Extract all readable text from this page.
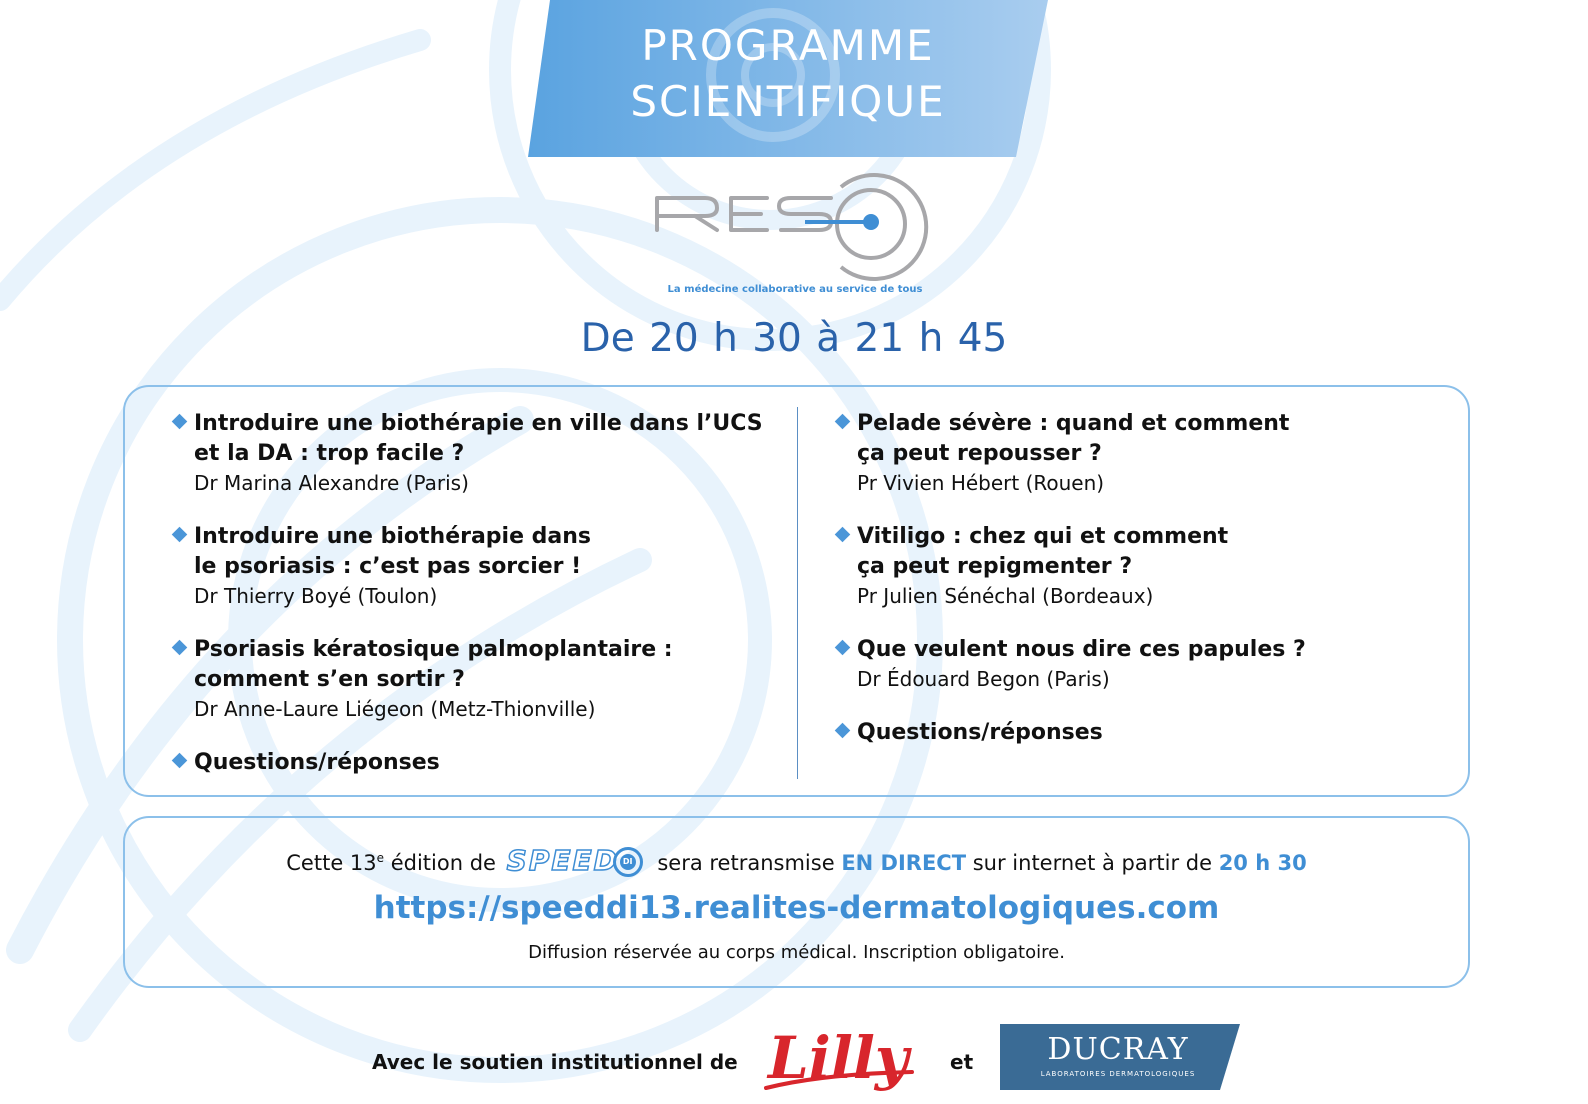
PROGRAMME
SCIENTIFIQUE
La médecine collaborative au service de tous
De 20 h 30 à 21 h 45
Introduire une biothérapie en ville dans l’UCS
et la DA : trop facile ?
Dr Marina Alexandre (Paris)
Introduire une biothérapie dans
le psoriasis : c’est pas sorcier !
Dr Thierry Boyé (Toulon)
Psoriasis kératosique palmoplantaire :
comment s’en sortir ?
Dr Anne-Laure Liégeon (Metz-Thionville)
Questions/réponses
Pelade sévère : quand et comment
ça peut repousser ?
Pr Vivien Hébert (Rouen)
Vitiligo : chez qui et comment
ça peut repigmenter ?
Pr Julien Sénéchal (Bordeaux)
Que veulent nous dire ces papules ?
Dr Édouard Begon (Paris)
Questions/réponses
Cette 13e édition de SPEED DI sera retransmise EN DIRECT sur internet à partir de 20 h 30
https://speeddi13.realites-dermatologiques.com
Diffusion réservée au corps médical. Inscription obligatoire.
Avec le soutien institutionnel de Lilly et	DUCRAY
LABORATOIRES DERMATOLOGIQUES
